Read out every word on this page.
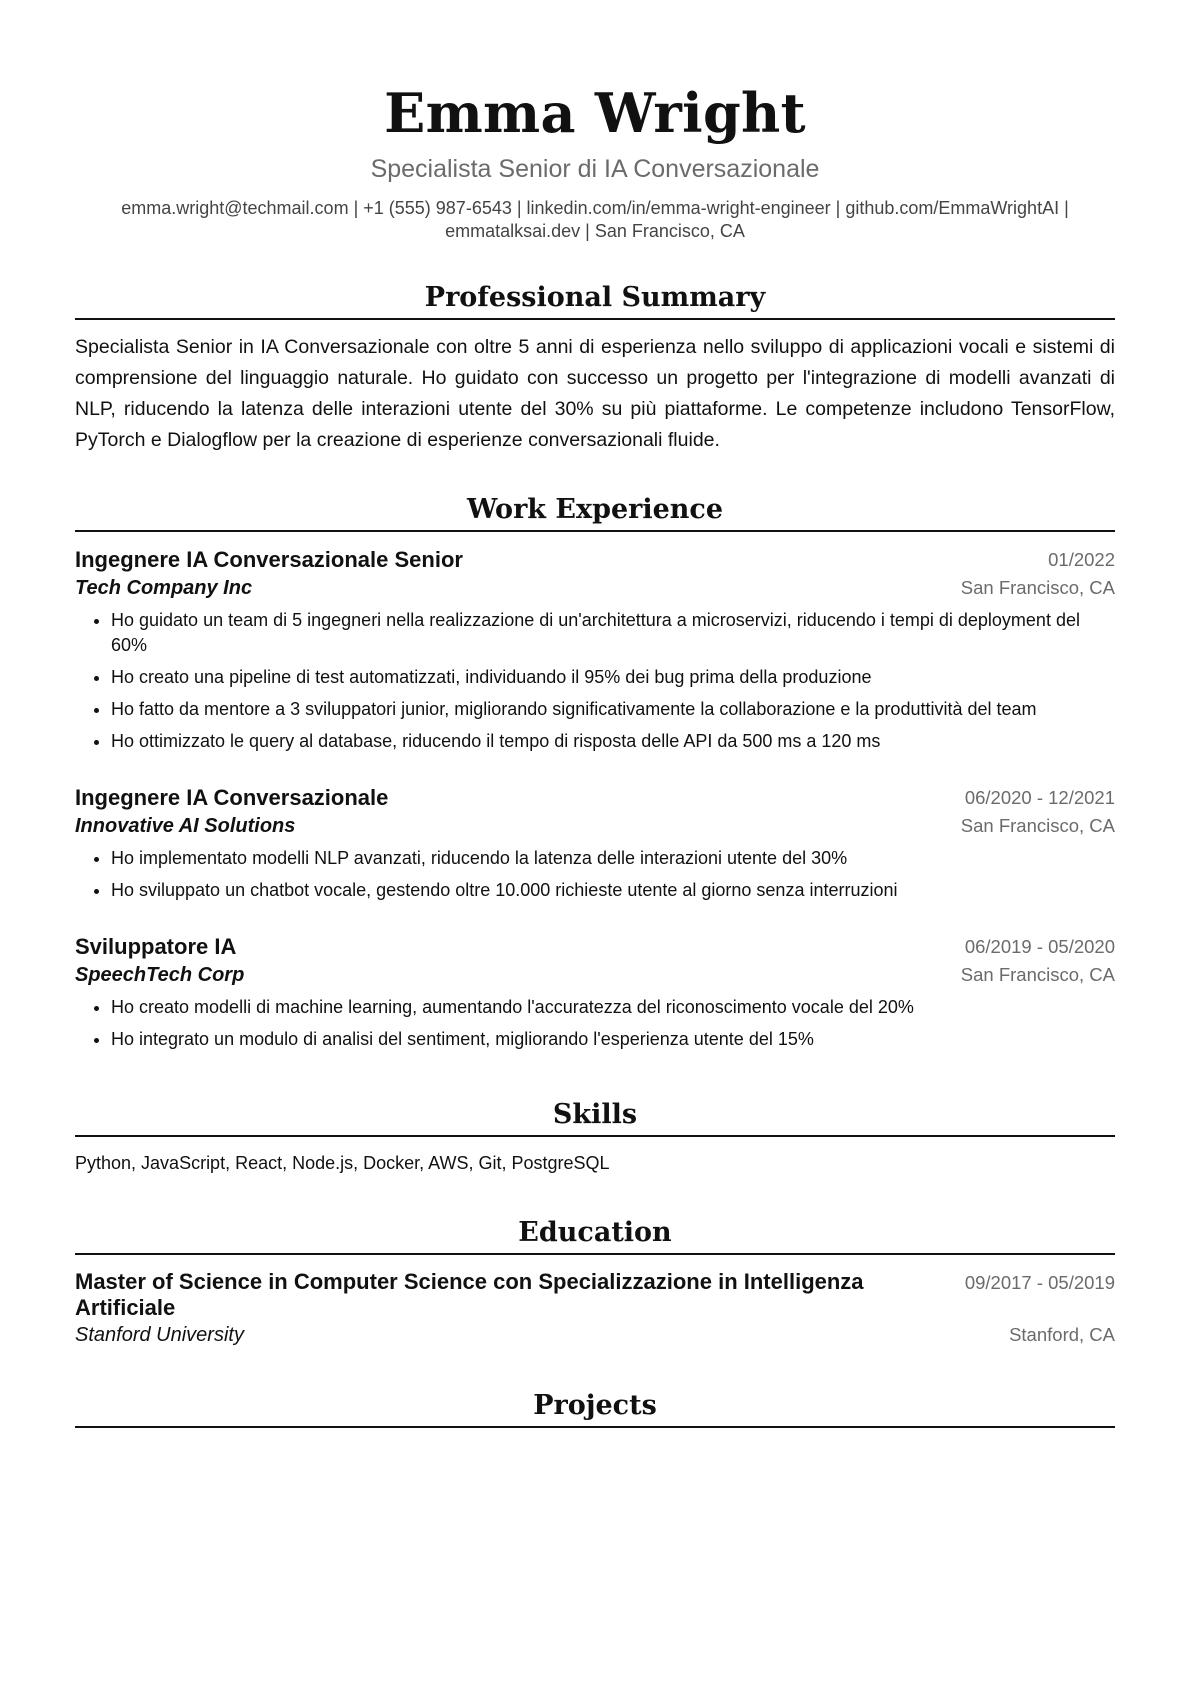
Emma Wright
Specialista Senior di IA Conversazionale
emma.wright@techmail.com | +1 (555) 987-6543 | linkedin.com/in/emma-wright-engineer | github.com/EmmaWrightAI | emmatalksai.dev | San Francisco, CA
Professional Summary
Specialista Senior in IA Conversazionale con oltre 5 anni di esperienza nello sviluppo di applicazioni vocali e sistemi di comprensione del linguaggio naturale. Ho guidato con successo un progetto per l'integrazione di modelli avanzati di NLP, riducendo la latenza delle interazioni utente del 30% su più piattaforme. Le competenze includono TensorFlow, PyTorch e Dialogflow per la creazione di esperienze conversazionali fluide.
Work Experience
Ingegnere IA Conversazionale Senior	01/2022
Tech Company Inc	San Francisco, CA
• Ho guidato un team di 5 ingegneri nella realizzazione di un'architettura a microservizi, riducendo i tempi di deployment del 60%
• Ho creato una pipeline di test automatizzati, individuando il 95% dei bug prima della produzione
• Ho fatto da mentore a 3 sviluppatori junior, migliorando significativamente la collaborazione e la produttività del team
• Ho ottimizzato le query al database, riducendo il tempo di risposta delle API da 500 ms a 120 ms
Ingegnere IA Conversazionale	06/2020 - 12/2021
Innovative AI Solutions	San Francisco, CA
• Ho implementato modelli NLP avanzati, riducendo la latenza delle interazioni utente del 30%
• Ho sviluppato un chatbot vocale, gestendo oltre 10.000 richieste utente al giorno senza interruzioni
Sviluppatore IA	06/2019 - 05/2020
SpeechTech Corp	San Francisco, CA
• Ho creato modelli di machine learning, aumentando l'accuratezza del riconoscimento vocale del 20%
• Ho integrato un modulo di analisi del sentiment, migliorando l'esperienza utente del 15%
Skills
Python, JavaScript, React, Node.js, Docker, AWS, Git, PostgreSQL
Education
Master of Science in Computer Science con Specializzazione in Intelligenza Artificiale
09/2017 - 05/2019
Stanford University	Stanford, CA
Projects
